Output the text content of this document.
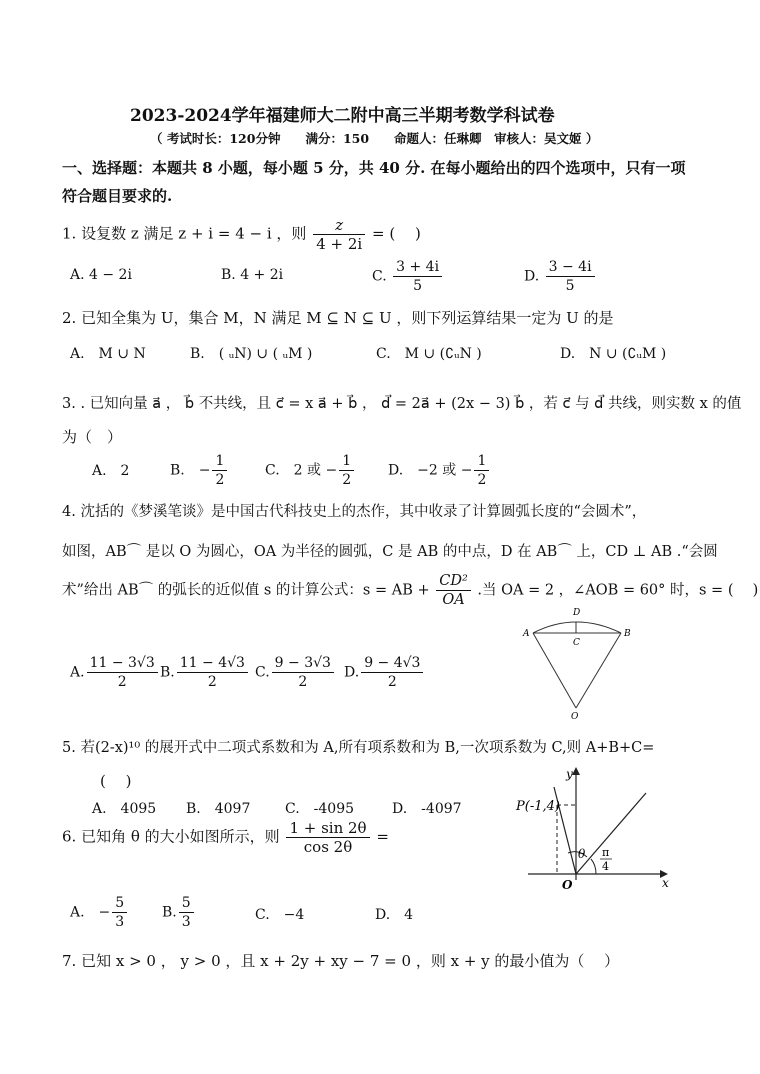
2023-2024学年福建师大二附中高三半期考数学科试卷
（ 考试时长：120分钟　　满分：150　　命题人：任琳卿　审核人：吴文姬 ）
一、选择题：本题共 8 小题，每小题 5 分，共 40 分. 在每小题给出的四个选项中，只有一项
符合题目要求的.
1. 设复数 z 满足 z + i = 4 − i ，则 $\frac{z}{4 + 2i}$ = (　 )
A. 4 − 2i	B. 4 + 2i	C. $\frac{3 + 4i}{5}$	D. $\frac{3 - 4i}{5}$
2. 已知全集为 U，集合 M，N 满足 M ⊆ N ⊆ U ，则下列运算结果一定为 U 的是
A.　M ∪ N	B.　( ᵤN) ∪ ( ᵤM )	C.　M ∪ (∁ᵤN )	D.　N ∪ (∁ᵤM )
3. . 已知向量 a⃗ ， b⃗ 不共线，且 c⃗ = x a⃗ + b⃗ ， d⃗ = 2a⃗ + (2x − 3) b⃗ ，若 c⃗ 与 d⃗ 共线，则实数 x 的值
为（　）
A.　2	B.　− $\frac{1}{2}$	C.　2 或 − $\frac{1}{2} D$.　−2 或 − $\frac{1}{2}$
4. 沈括的《梦溪笔谈》是中国古代科技史上的杰作，其中收录了计算圆弧长度的“会圆术”，
如图，AB⌒ 是以 O 为圆心，OA 为半径的圆弧，C 是 AB 的中点，D 在 AB⌒ 上，CD ⊥ AB .“会圆
术”给出 AB⌒ 的弧长的近似值 s 的计算公式：s = AB + $\frac{\text{CD²}}{OA}$ .当 OA = 2 ，∠AOB = 60° 时，s = (　 )
A. $\frac{11 - 3√3}{2} B$. $\frac{11 - 4√3}{2} C$. $\frac{9 - 3√3}{2} D$. $\frac{9 - 4√3}{2}$
A	B
C
D
O
5. 若(2-x)¹⁰ 的展开式中二项式系数和为 A,所有项系数和为 B,一次项系数为 C,则 A+B+C=
(　 )
A.　4095 B.　4097 C.　-4095	D.　-4097
6. 已知角 θ 的大小如图所示，则 $\frac{1 + \sin 2\theta}{\cos 2\theta}$ =
A.　− $\frac{5}{3} B$. $\frac{5}{3}$	C.　−4	D.　4
P(-1,4)
y
x
O
θ π
4
7. 已知 x > 0 ， y > 0 ，且 x + 2y + xy − 7 = 0 ，则 x + y 的最小值为（　 ）
